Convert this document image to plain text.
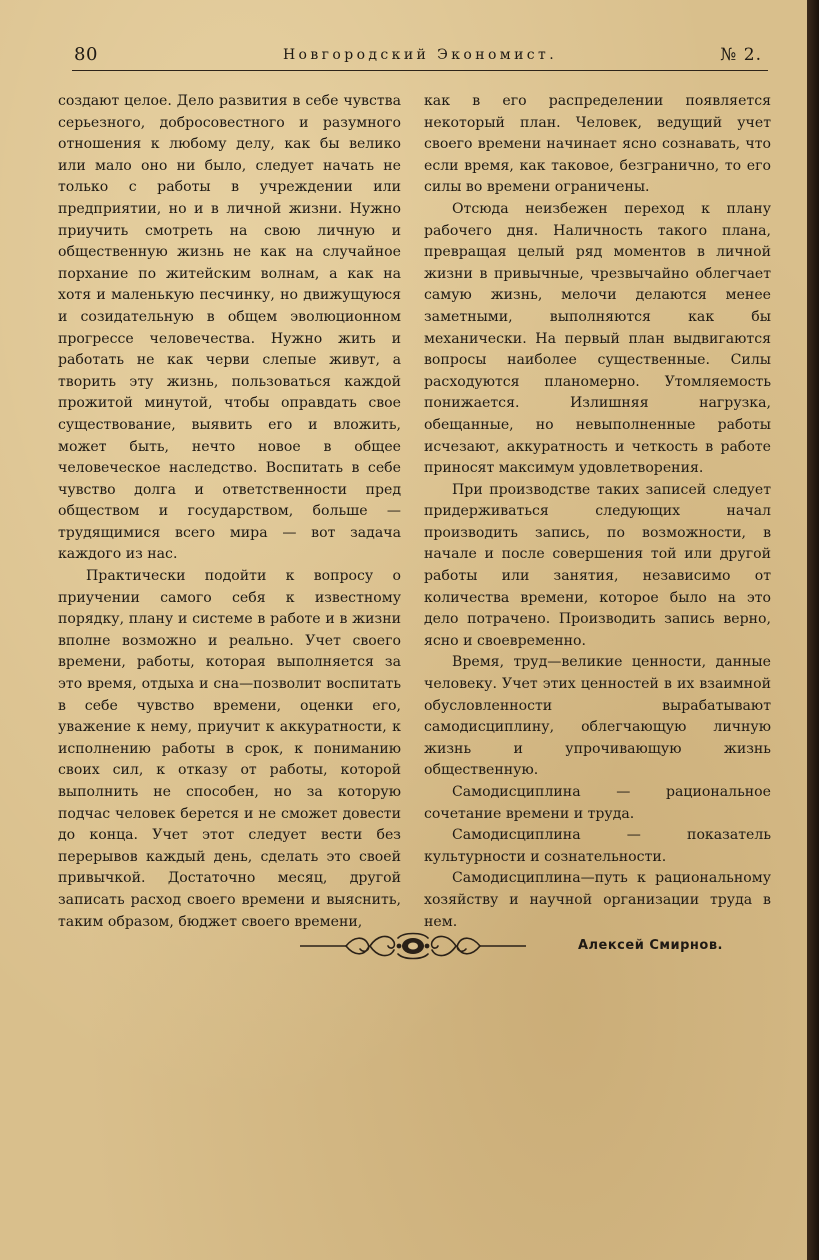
80	Новгородский Экономист.	№ 2.

создают целое. Дело развития в себе чувства серьезного, добросовестного и разумного отношения к любому делу, как бы велико или мало оно ни было, следует начать не только с работы в учреждении или предприятии, но и в личной жизни. Нужно приучить смотреть на свою личную и общественную жизнь не как на случайное порхание по житейским волнам, а как на хотя и маленькую песчинку, но движущуюся и созидательную в общем эволюционном прогрессе человечества. Нужно жить и работать не как черви слепые живут, а творить эту жизнь, пользоваться каждой прожитой минутой, чтобы оправдать свое существование, выявить его и вложить, может быть, нечто новое в общее человеческое наследство. Воспитать в себе чувство долга и ответственности пред обществом и государством, больше — трудящимися всего мира — вот задача каждого из нас.

Практически подойти к вопросу о приучении самого себя к известному порядку, плану и системе в работе и в жизни вполне возможно и реально. Учет своего времени, работы, которая выполняется за это время, отдыха и сна—позволит воспитать в себе чувство времени, оценки его, уважение к нему, приучит к аккуратности, к исполнению работы в срок, к пониманию своих сил, к отказу от работы, которой выполнить не способен, но за которую подчас человек берется и не сможет довести до конца. Учет этот следует вести без перерывов каждый день, сделать это своей привычкой. Достаточно месяц, другой записать расход своего времени и выяснить, таким образом, бюджет своего времени,

как в его распределении появляется некоторый план. Человек, ведущий учет своего времени начинает ясно сознавать, что если время, как таковое, безгранично, то его силы во времени ограничены.

Отсюда неизбежен переход к плану рабочего дня. Наличность такого плана, превращая целый ряд моментов в личной жизни в привычные, чрезвычайно облегчает самую жизнь, мелочи делаются менее заметными, выполняются как бы механически. На первый план выдвигаются вопросы наиболее существенные. Силы расходуются планомерно. Утомляемость понижается. Излишняя нагрузка, обещанные, но невыполненные работы исчезают, аккуратность и четкость в работе приносят максимум удовлетворения.

При производстве таких записей следует придерживаться следующих начал производить запись, по возможности, в начале и после совершения той или другой работы или занятия, независимо от количества времени, которое было на это дело потрачено. Производить запись верно, ясно и своевременно.

Время, труд—великие ценности, данные человеку. Учет этих ценностей в их взаимной обусловленности вырабатывают самодисциплину, облегчающую личную жизнь и упрочивающую жизнь общественную.

Самодисциплина — рациональное сочетание времени и труда.

Самодисциплина — показатель культурности и сознательности.

Самодисциплина—путь к рациональному хозяйству и научной организации труда в нем.

Алексей Смирнов.
